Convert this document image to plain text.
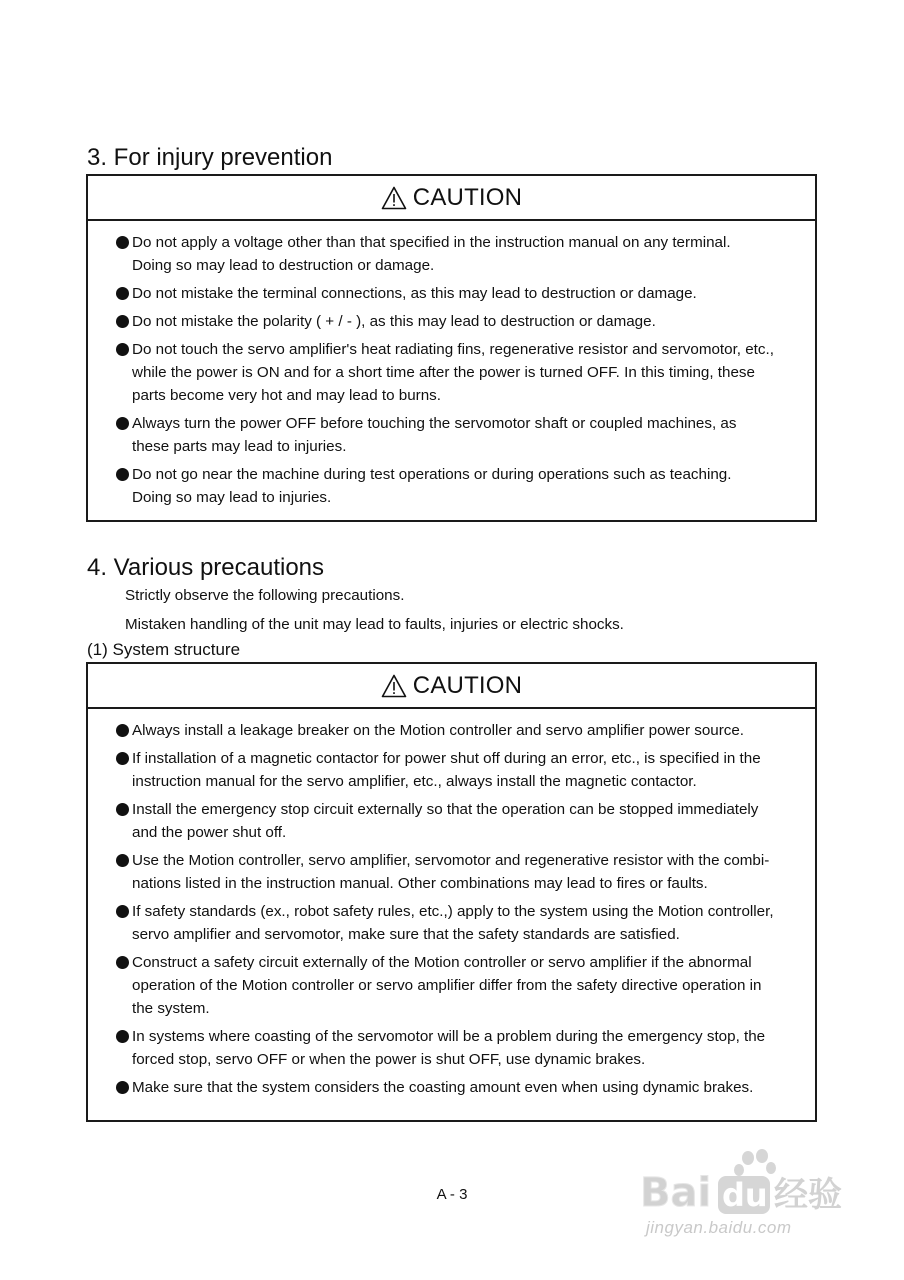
3. For injury prevention
CAUTION
Do not apply a voltage other than that specified in the instruction manual on any terminal.
Doing so may lead to destruction or damage.
Do not mistake the terminal connections, as this may lead to destruction or damage.
Do not mistake the polarity ( + / - ), as this may lead to destruction or damage.
Do not touch the servo amplifier's heat radiating fins, regenerative resistor and servomotor, etc.,
while the power is ON and for a short time after the power is turned OFF. In this timing, these
parts become very hot and may lead to burns.
Always turn the power OFF before touching the servomotor shaft or coupled machines, as
these parts may lead to injuries.
Do not go near the machine during test operations or during operations such as teaching.
Doing so may lead to injuries.
4. Various precautions

Strictly observe the following precautions.

Mistaken handling of the unit may lead to faults, injuries or electric shocks.

(1) System structure

CAUTION
Always install a leakage breaker on the Motion controller and servo amplifier power source.
If installation of a magnetic contactor for power shut off during an error, etc., is specified in the
instruction manual for the servo amplifier, etc., always install the magnetic contactor.
Install the emergency stop circuit externally so that the operation can be stopped immediately
and the power shut off.
Use the Motion controller, servo amplifier, servomotor and regenerative resistor with the combi-
nations listed in the instruction manual. Other combinations may lead to fires or faults.
If safety standards (ex., robot safety rules, etc.,) apply to the system using the Motion controller,
servo amplifier and servomotor, make sure that the safety standards are satisfied.
Construct a safety circuit externally of the Motion controller or servo amplifier if the abnormal
operation of the Motion controller or servo amplifier differ from the safety directive operation in
the system.
In systems where coasting of the servomotor will be a problem during the emergency stop, the
forced stop, servo OFF or when the power is shut OFF, use dynamic brakes.
Make sure that the system considers the coasting amount even when using dynamic brakes.
A - 3	Bai du 经验
jingyan.baidu.com
